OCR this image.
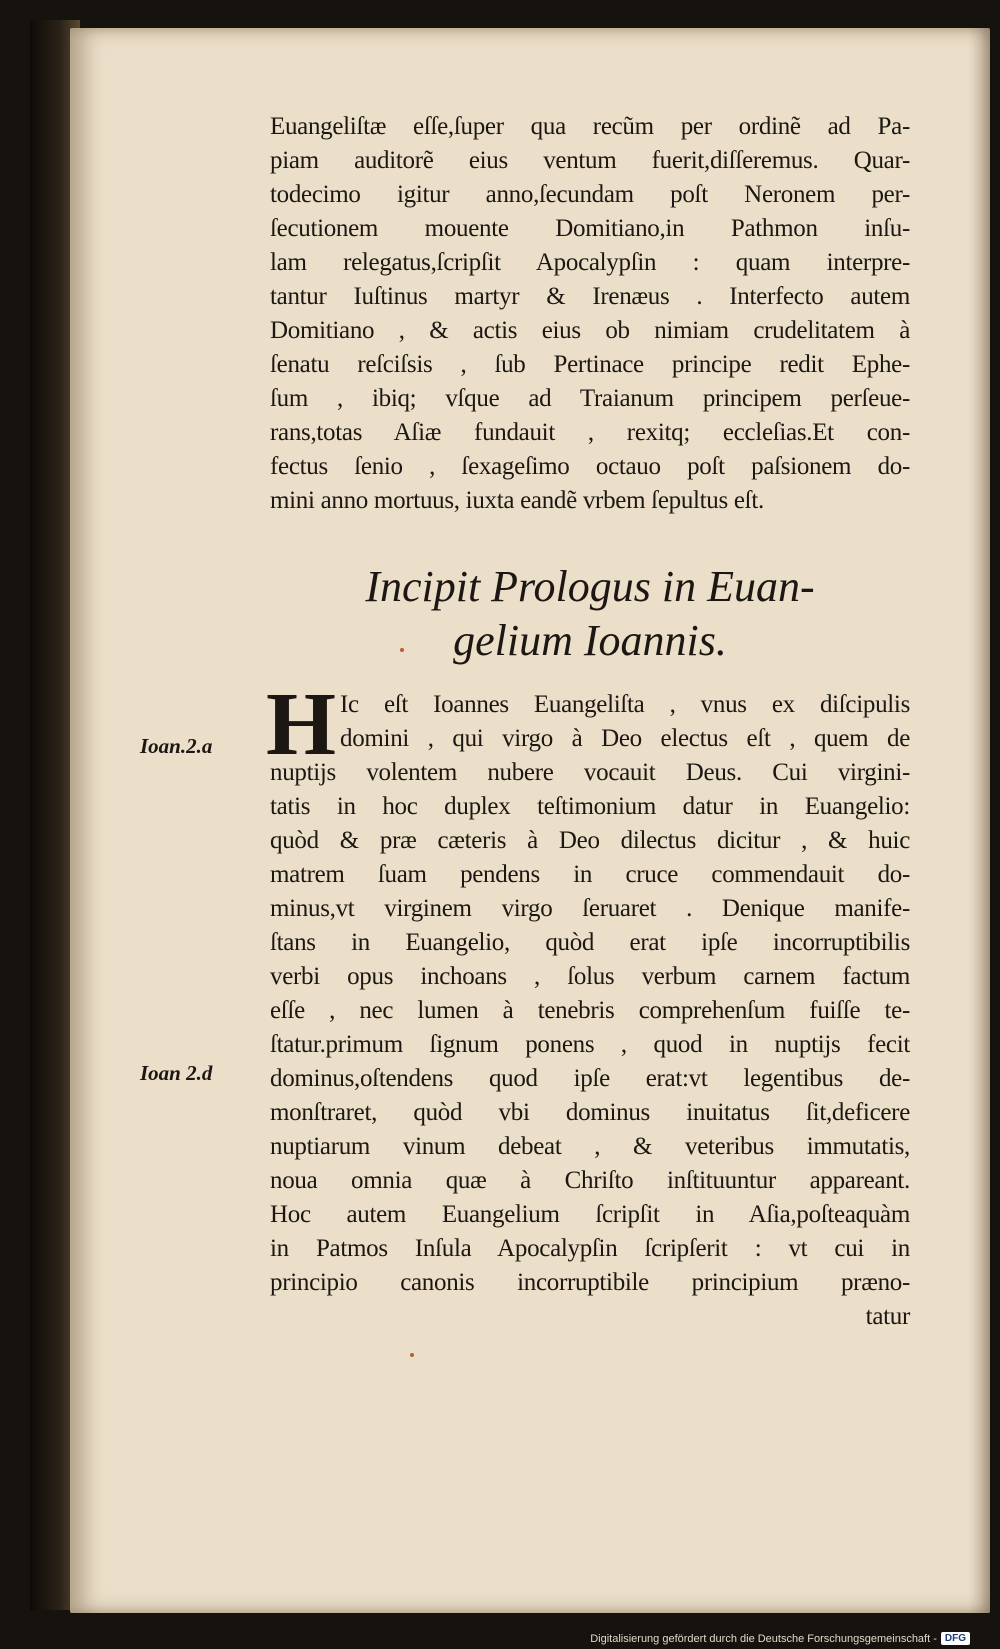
Euangeliſtæ eſſe,ſuper qua recũm per ordinẽ ad Pa-
piam auditorẽ eius ventum fuerit,diſſeremus. Quar-
todecimo igitur anno,ſecundam poſt Neronem per-
ſecutionem mouente Domitiano,in Pathmon inſu-
lam relegatus,ſcripſit Apocalypſin : quam interpre-
tantur Iuſtinus martyr & Irenæus . Interfecto autem
Domitiano , & actis eius ob nimiam crudelitatem à
ſenatu reſciſsis , ſub Pertinace principe redit Ephe-
ſum , ibiq; vſque ad Traianum principem perſeue-
rans,totas Aſiæ fundauit , rexitq; eccleſias.Et con-
fectus ſenio , ſexageſimo octauo poſt paſsionem do-
mini anno mortuus, iuxta eandẽ vrbem ſepultus eſt.
Incipit Prologus in Euan-
gelium Ioannis.
Ioan.2.a
Ioan 2.d
H Ic eſt Ioannes Euangeliſta , vnus ex diſcipulis
domini , qui virgo à Deo electus eſt , quem de
nuptijs volentem nubere vocauit Deus. Cui virgini-
tatis in hoc duplex teſtimonium datur in Euangelio:
quòd & præ cæteris à Deo dilectus dicitur , & huic
matrem ſuam pendens in cruce commendauit do-
minus,vt virginem virgo ſeruaret . Denique manife-
ſtans in Euangelio, quòd erat ipſe incorruptibilis
verbi opus inchoans , ſolus verbum carnem factum
eſſe , nec lumen à tenebris comprehenſum fuiſſe te-
ſtatur.primum ſignum ponens , quod in nuptijs fecit
dominus,oſtendens quod ipſe erat:vt legentibus de-
monſtraret, quòd vbi dominus inuitatus ſit,deficere
nuptiarum vinum debeat , & veteribus immutatis,
noua omnia quæ à Chriſto inſtituuntur appareant.
Hoc autem Euangelium ſcripſit in Aſia,poſteaquàm
in Patmos Inſula Apocalypſin ſcripſerit : vt cui in
principio canonis incorruptibile principium præno-
tatur
Digitalisierung gefördert durch die Deutsche Forschungsgemeinschaft - DFG
